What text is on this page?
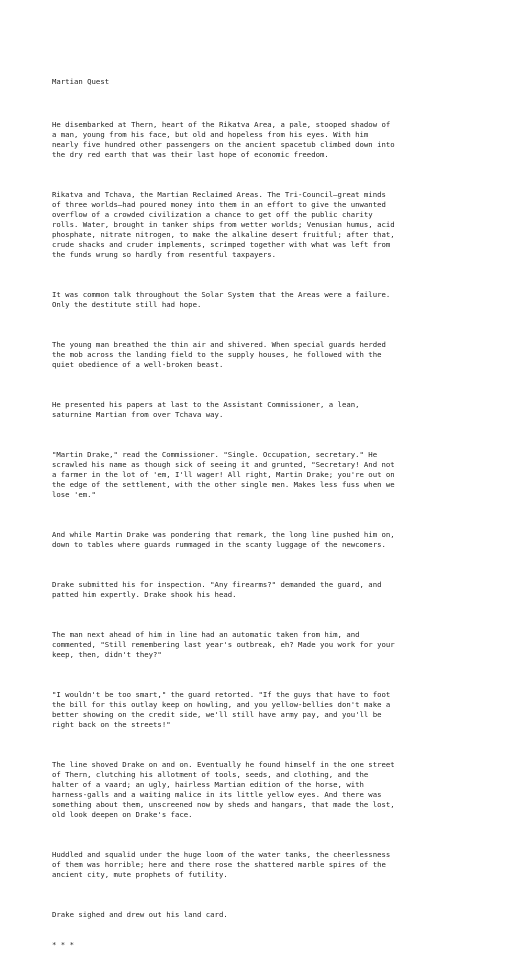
Martian Quest

He disembarked at Thern, heart of the Rikatva Area, a pale, stooped shadow of
a man, young from his face, but old and hopeless from his eyes. With him
nearly five hundred other passengers on the ancient spacetub climbed down into
the dry red earth that was their last hope of economic freedom.

Rikatva and Tchava, the Martian Reclaimed Areas. The Tri-Council—great minds
of three worlds—had poured money into them in an effort to give the unwanted
overflow of a crowded civilization a chance to get off the public charity
rolls. Water, brought in tanker ships from wetter worlds; Venusian humus, acid
phosphate, nitrate nitrogen, to make the alkaline desert fruitful; after that,
crude shacks and cruder implements, scrimped together with what was left from
the funds wrung so hardly from resentful taxpayers.

It was common talk throughout the Solar System that the Areas were a failure.
Only the destitute still had hope.

The young man breathed the thin air and shivered. When special guards herded
the mob across the landing field to the supply houses, he followed with the
quiet obedience of a well-broken beast.

He presented his papers at last to the Assistant Commissioner, a lean,
saturnine Martian from over Tchava way.

"Martin Drake," read the Commissioner. "Single. Occupation, secretary." He
scrawled his name as though sick of seeing it and grunted, "Secretary! And not
a farmer in the lot of 'em, I'll wager! All right, Martin Drake; you're out on
the edge of the settlement, with the other single men. Makes less fuss when we
lose 'em."

And while Martin Drake was pondering that remark, the long line pushed him on,
down to tables where guards rummaged in the scanty luggage of the newcomers.

Drake submitted his for inspection. "Any firearms?" demanded the guard, and
patted him expertly. Drake shook his head.

The man next ahead of him in line had an automatic taken from him, and
commented, "Still remembering last year's outbreak, eh? Made you work for your
keep, then, didn't they?"

"I wouldn't be too smart," the guard retorted. "If the guys that have to foot
the bill for this outlay keep on howling, and you yellow-bellies don't make a
better showing on the credit side, we'll still have army pay, and you'll be
right back on the streets!"

The line shoved Drake on and on. Eventually he found himself in the one street
of Thern, clutching his allotment of tools, seeds, and clothing, and the
halter of a vaard; an ugly, hairless Martian edition of the horse, with
harness-galls and a waiting malice in its little yellow eyes. And there was
something about them, unscreened now by sheds and hangars, that made the lost,
old look deepen on Drake's face.

Huddled and squalid under the huge loom of the water tanks, the cheerlessness
of them was horrible; here and there rose the shattered marble spires of the
ancient city, mute prophets of futility.

Drake sighed and drew out his land card.

* * *
